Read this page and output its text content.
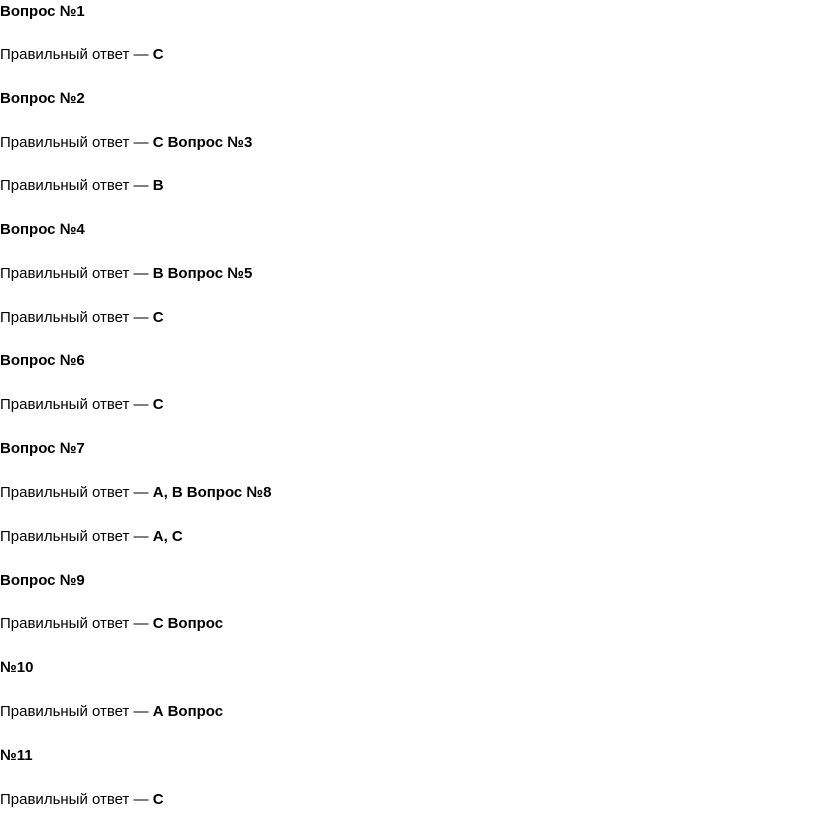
Вопрос №1
Правильный ответ — C
Вопрос №2
Правильный ответ — C Вопрос №3
Правильный ответ — B
Вопрос №4
Правильный ответ — B Вопрос №5
Правильный ответ — C
Вопрос №6
Правильный ответ — C
Вопрос №7
Правильный ответ — A, B Вопрос №8
Правильный ответ — A, C
Вопрос №9
Правильный ответ — C Вопрос
№10
Правильный ответ — A Вопрос
№11
Правильный ответ — C
